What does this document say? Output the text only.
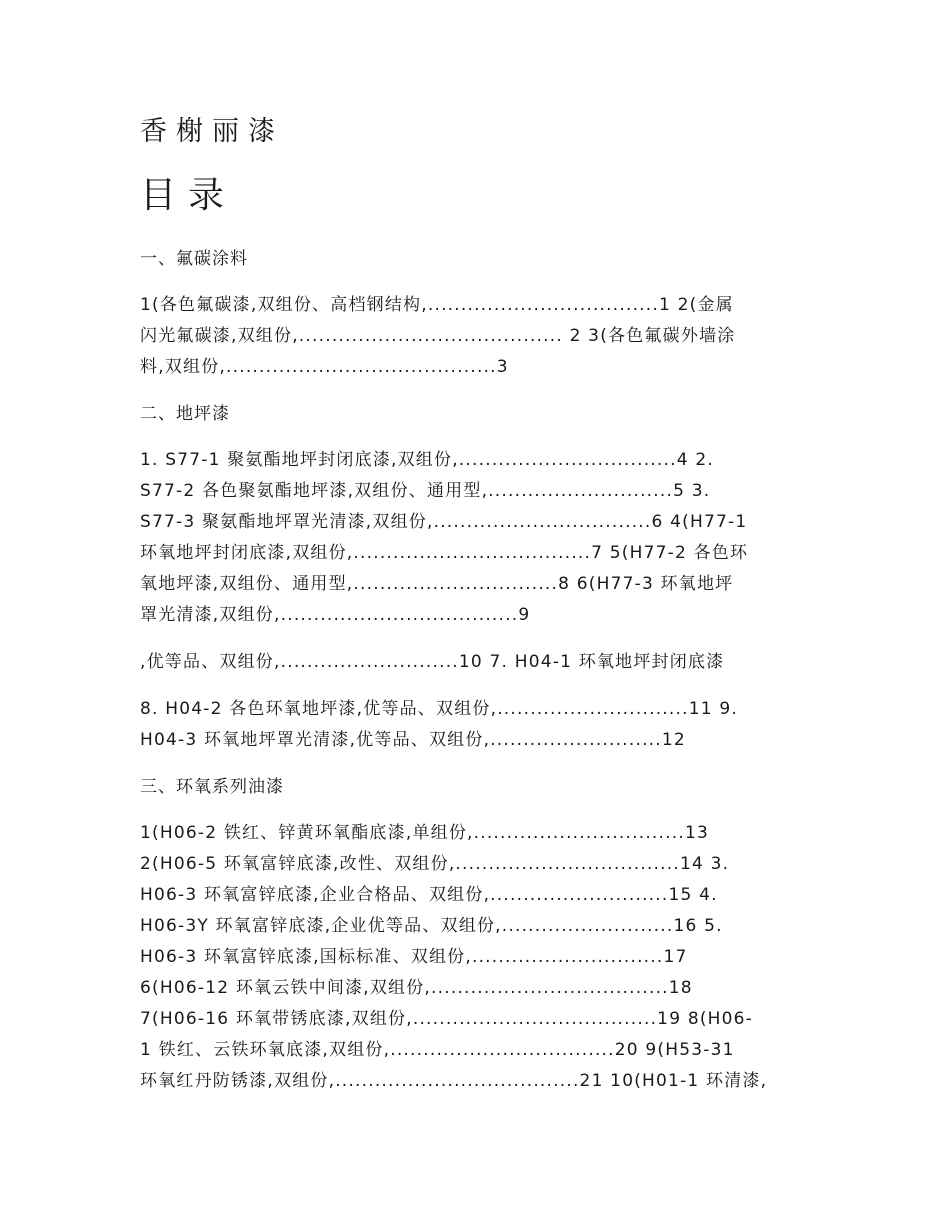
香榭丽漆
目录
一、氟碳涂料
1(各色氟碳漆,双组份、高档钢结构,...................................1 2(金属
闪光氟碳漆,双组份,........................................ 2 3(各色氟碳外墙涂
料,双组份,.........................................3
二、地坪漆
1. S77-1 聚氨酯地坪封闭底漆,双组份,.................................4 2.
S77-2 各色聚氨酯地坪漆,双组份、通用型,............................5 3.
S77-3 聚氨酯地坪罩光清漆,双组份,.................................6 4(H77-1
环氧地坪封闭底漆,双组份,....................................7 5(H77-2 各色环
氧地坪漆,双组份、通用型,...............................8 6(H77-3 环氧地坪
罩光清漆,双组份,....................................9
,优等品、双组份,...........................10 7. H04-1 环氧地坪封闭底漆
8. H04-2 各色环氧地坪漆,优等品、双组份,.............................11 9.
H04-3 环氧地坪罩光清漆,优等品、双组份,..........................12
三、环氧系列油漆
1(H06-2 铁红、锌黄环氧酯底漆,单组份,................................13
2(H06-5 环氧富锌底漆,改性、双组份,..................................14 3.
H06-3 环氧富锌底漆,企业合格品、双组份,...........................15 4.
H06-3Y 环氧富锌底漆,企业优等品、双组份,..........................16 5.
H06-3 环氧富锌底漆,国标标准、双组份,.............................17
6(H06-12 环氧云铁中间漆,双组份,....................................18
7(H06-16 环氧带锈底漆,双组份,.....................................19 8(H06-
1 铁红、云铁环氧底漆,双组份,..................................20 9(H53-31
环氧红丹防锈漆,双组份,.....................................21 10(H01-1 环清漆,
